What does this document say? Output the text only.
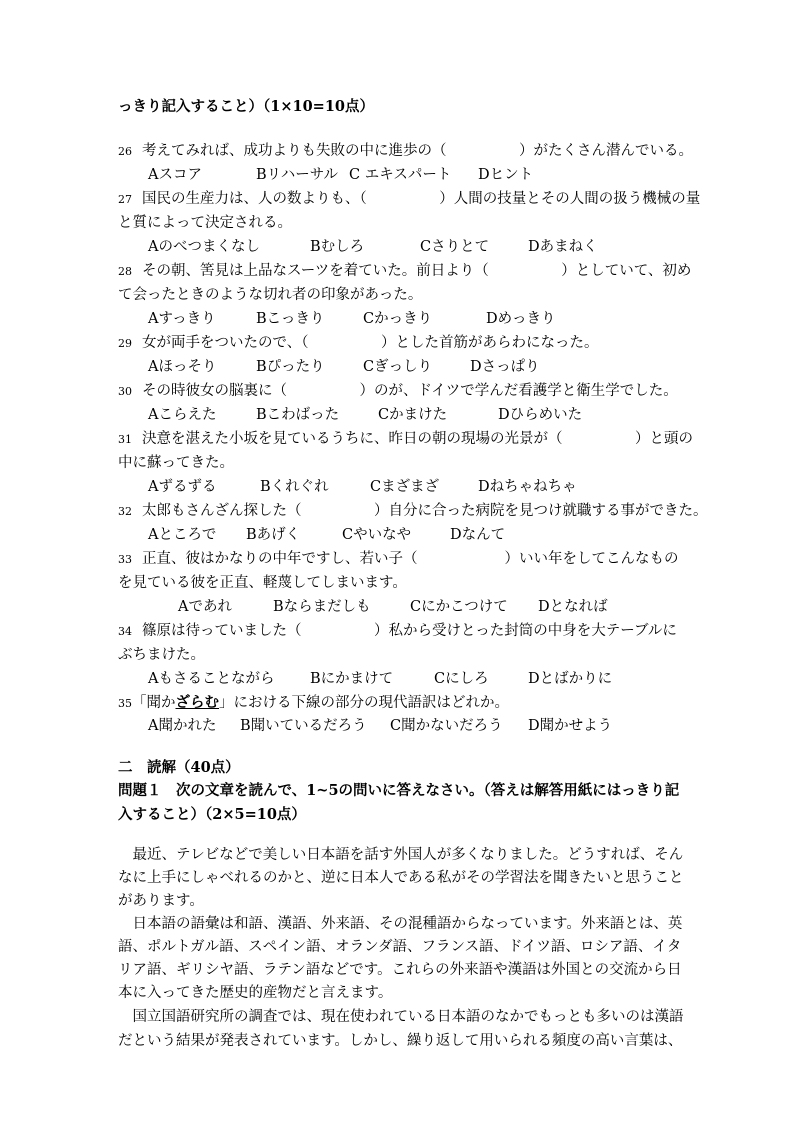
っきり記入すること）（1×10=10点）
26 考えてみれば、成功よりも失敗の中に進歩の（　　　　　）がたくさん潜んでいる。
Aスコア	Bリハーサル C エキスパート Dヒント
27 国民の生産力は、人の数よりも、（　　　　　）人間の技量とその人間の扱う機械の量
と質によって決定される。
Aのべつまくなし	Bむしろ	Cさりとて	Dあまねく
28 その朝、筈見は上品なスーツを着ていた。前日より（　　　　　）としていて、初め
て会ったときのような切れ者の印象があった。
Aすっきり	Bこっきり	Cかっきり	Dめっきり
29 女が両手をついたので、（　　　　　）とした首筋があらわになった。
Aほっそり	Bぴったり	Cぎっしり	Dさっぱり
30 その時彼女の脳裏に（　　　　　）のが、ドイツで学んだ看護学と衛生学でした。
Aこらえた	Bこわばった	Cかまけた	Dひらめいた
31 決意を湛えた小坂を見ているうちに、昨日の朝の現場の光景が（　　　　　）と頭の
中に蘇ってきた。
Aずるずる	Bくれぐれ	Cまざまざ	Dねちゃねちゃ
32 太郎もさんざん探した（　　　　　）自分に合った病院を見つけ就職する事ができた。
Aところで Bあげく	Cやいなや	Dなんて
33 正直、彼はかなりの中年ですし、若い子（　　　　　　）いい年をしてこんなもの
を見ている彼を正直、軽蔑してしまいます。
Aであれ	Bならまだしも	Cにかこつけて Dとなれば
34 篠原は待っていました（　　　　　）私から受けとった封筒の中身を大テーブルに
ぶちまけた。
Aもさることながら Bにかまけて	Cにしろ	Dとばかりに
35「聞かざらむ」における下線の部分の現代語訳はどれか。
A聞かれた B聞いているだろう C聞かないだろう D聞かせよう
二　読解（40点）
問題１　次の文章を読んで、1~5の問いに答えなさい。（答えは解答用紙にはっきり記
入すること）（2×5=10点）
　最近、テレビなどで美しい日本語を話す外国人が多くなりました。どうすれば、そん
なに上手にしゃべれるのかと、逆に日本人である私がその学習法を聞きたいと思うこと
があります。
　日本語の語彙は和語、漢語、外来語、その混種語からなっています。外来語とは、英
語、ポルトガル語、スペイン語、オランダ語、フランス語、ドイツ語、ロシア語、イタ
リア語、ギリシヤ語、ラテン語などです。これらの外来語や漢語は外国との交流から日
本に入ってきた歴史的産物だと言えます。
　国立国語研究所の調査では、現在使われている日本語のなかでもっとも多いのは漢語
だという結果が発表されています。しかし、繰り返して用いられる頻度の高い言葉は、
